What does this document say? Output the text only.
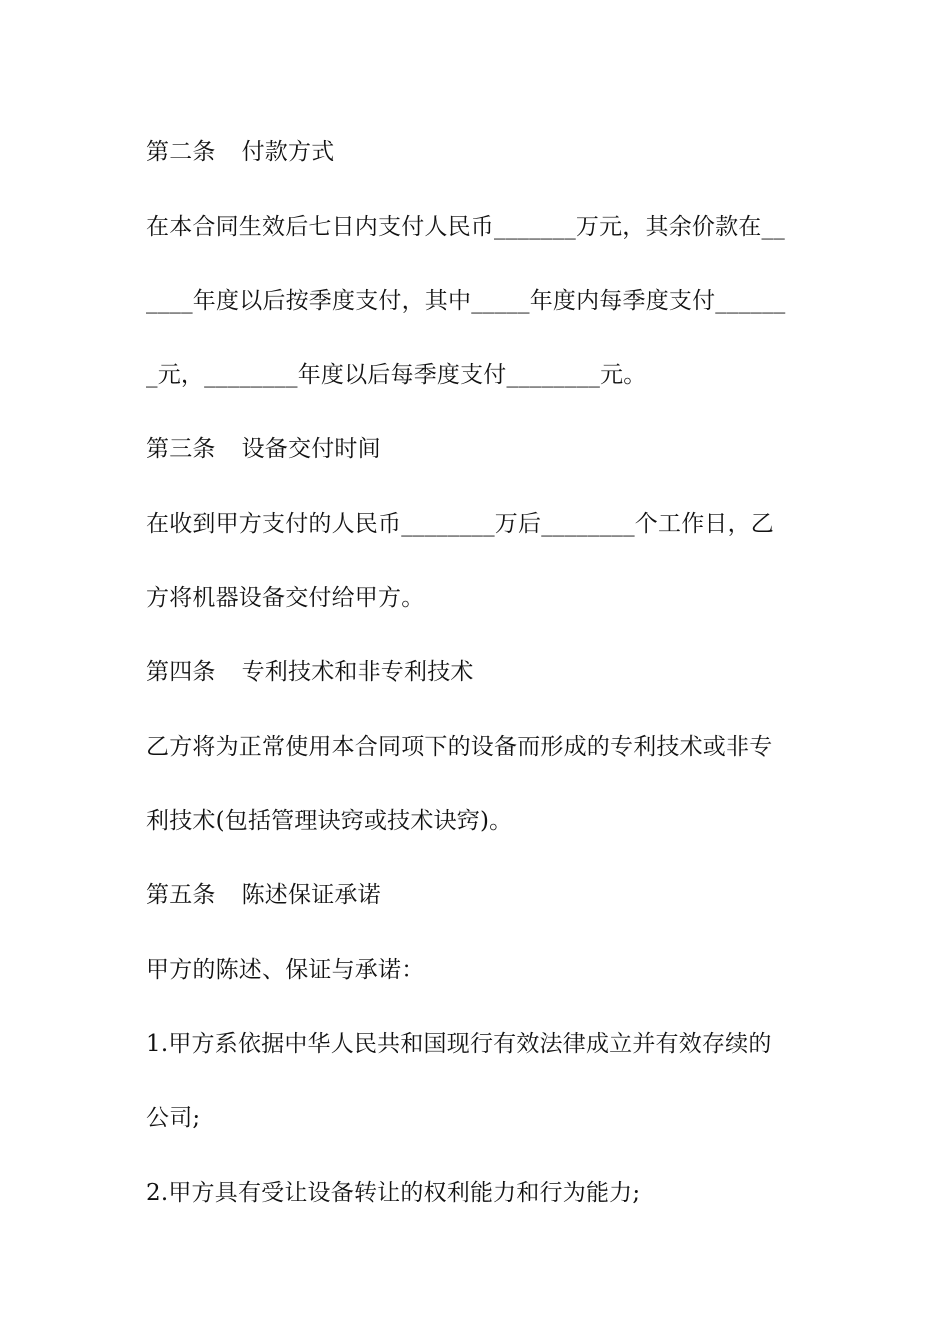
第二条 付款方式
在本合同生效后七日内支付人民币_______万元，其余价款在__
____年度以后按季度支付，其中_____年度内每季度支付______
_元，________年度以后每季度支付________元。
第三条 设备交付时间
在收到甲方支付的人民币________万后________个工作日，乙
方将机器设备交付给甲方。
第四条 专利技术和非专利技术
乙方将为正常使用本合同项下的设备而形成的专利技术或非专
利技术(包括管理诀窍或技术诀窍)。
第五条 陈述保证承诺
甲方的陈述、保证与承诺：
1.甲方系依据中华人民共和国现行有效法律成立并有效存续的
公司;
2.甲方具有受让设备转让的权利能力和行为能力;
